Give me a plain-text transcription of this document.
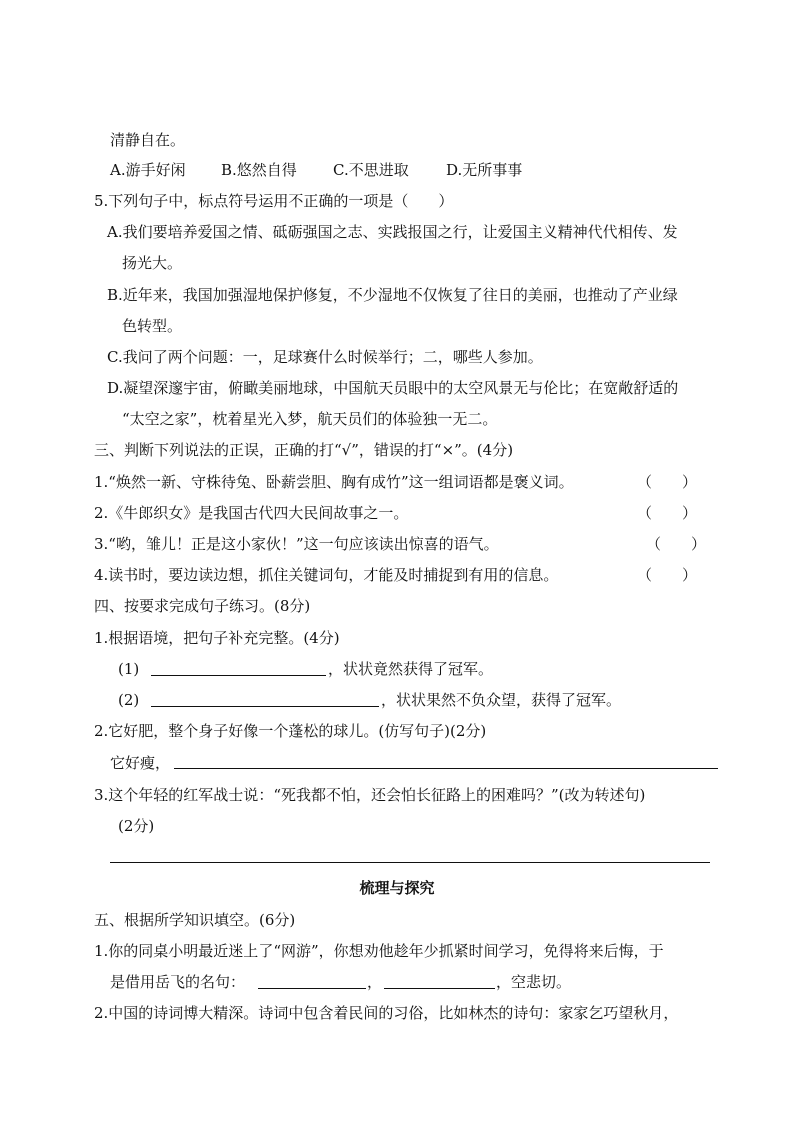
清静自在。
A.游手好闲 B.悠然自得 C.不思进取 D.无所事事
5.下列句子中，标点符号运用不正确的一项是（　　）
A.我们要培养爱国之情、砥砺强国之志、实践报国之行，让爱国主义精神代代相传、发
扬光大。
B.近年来，我国加强湿地保护修复，不少湿地不仅恢复了往日的美丽，也推动了产业绿
色转型。
C.我问了两个问题：一，足球赛什么时候举行；二，哪些人参加。
D.凝望深邃宇宙，俯瞰美丽地球，中国航天员眼中的太空风景无与伦比；在宽敞舒适的
“太空之家”，枕着星光入梦，航天员们的体验独一无二。
三、判断下列说法的正误，正确的打“√”，错误的打“×”。(4分)
1.“焕然一新、守株待兔、卧薪尝胆、胸有成竹”这一组词语都是褒义词。	（　　）
2.《牛郎织女》是我国古代四大民间故事之一。	（　　）
3.“哟，雏儿！正是这小家伙！”这一句应该读出惊喜的语气。	（　　）
4.读书时，要边读边想，抓住关键词句，才能及时捕捉到有用的信息。	（　　）
四、按要求完成句子练习。(8分)
1.根据语境，把句子补充完整。(4分)
(1)	，状状竟然获得了冠军。
(2)	，状状果然不负众望，获得了冠军。
2.它好肥，整个身子好像一个蓬松的球儿。(仿写句子)(2分)
它好瘦，
3.这个年轻的红军战士说：“死我都不怕，还会怕长征路上的困难吗？”(改为转述句)
(2分)
梳理与探究
五、根据所学知识填空。(6分)
1.你的同桌小明最近迷上了“网游”，你想劝他趁年少抓紧时间学习，免得将来后悔，于
是借用岳飞的名句：	，	，空悲切。
2.中国的诗词博大精深。诗词中包含着民间的习俗，比如林杰的诗句：家家乞巧望秋月，
